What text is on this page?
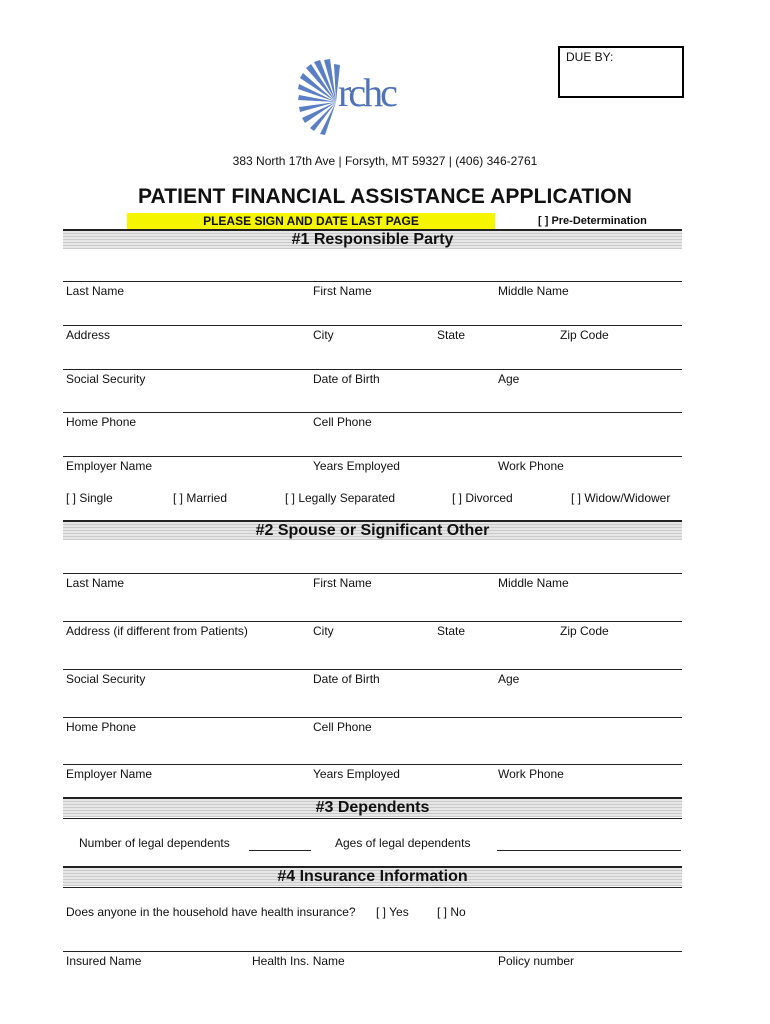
DUE BY:
rchc
383 North 17th Ave | Forsyth, MT 59327 | (406) 346-2761
PATIENT FINANCIAL ASSISTANCE APPLICATION
PLEASE SIGN AND DATE LAST PAGE	[ ] Pre-Determination
#1 Responsible Party
Last Name	First Name	Middle Name
Address	City	State	Zip Code
Social Security	Date of Birth	Age
Home Phone	Cell Phone
Employer Name	Years Employed	Work Phone
[ ] Single	[ ] Married	[ ] Legally Separated	[ ] Divorced	[ ] Widow/Widower
#2 Spouse or Significant Other
Last Name	First Name	Middle Name
Address (if different from Patients)	City	State	Zip Code
Social Security	Date of Birth	Age
Home Phone	Cell Phone
Employer Name	Years Employed	Work Phone
#3 Dependents
Number of legal dependents	Ages of legal dependents
#4 Insurance Information
Does anyone in the household have health insurance? [ ] Yes [ ] No
Insured Name	Health Ins. Name	Policy number
